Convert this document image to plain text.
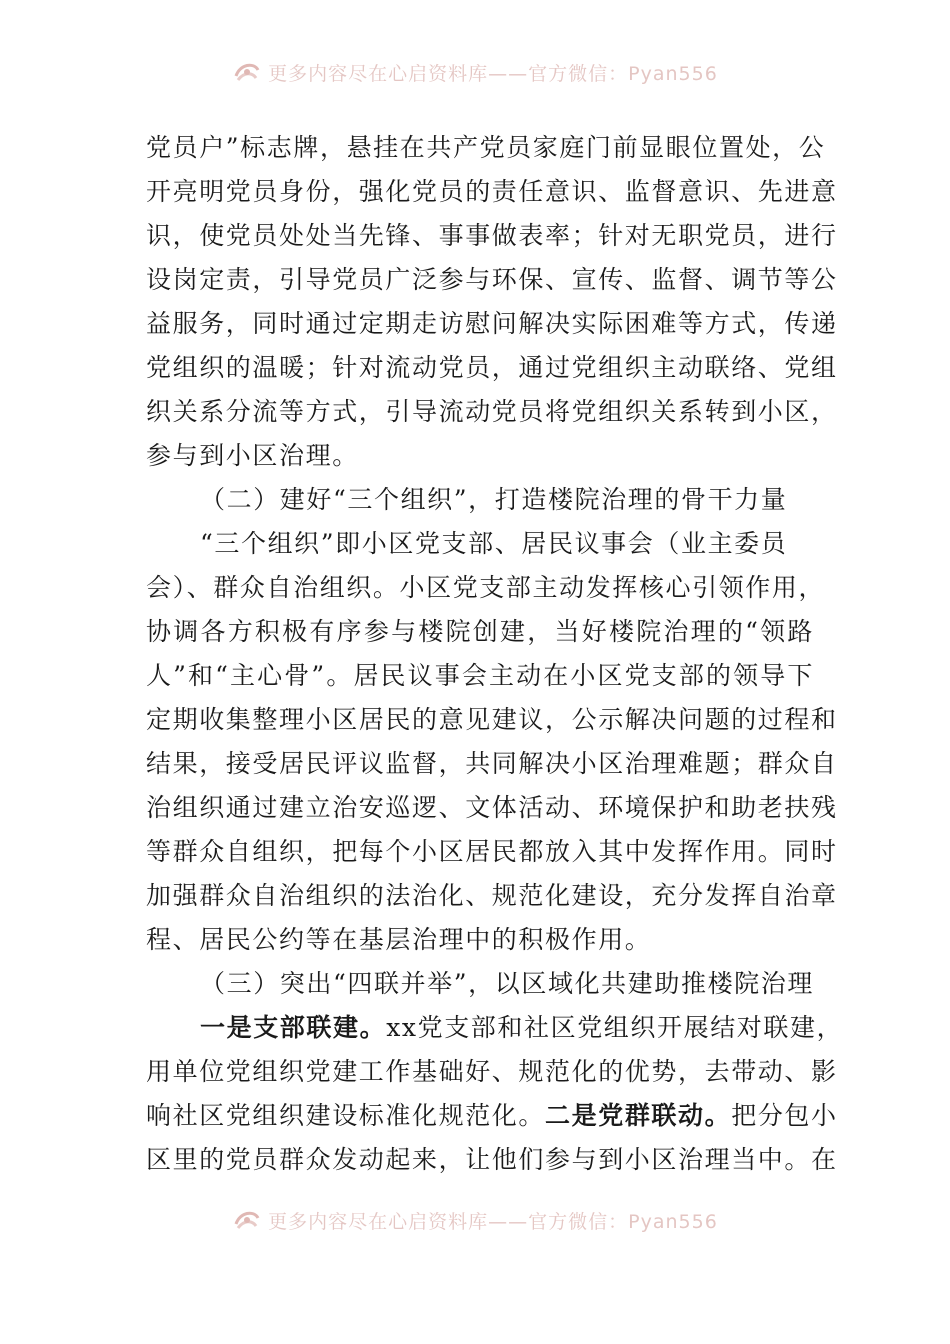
更多内容尽在心启资料库——官方微信：Pyan556
党员户”标志牌，悬挂在共产党员家庭门前显眼位置处，公
开亮明党员身份，强化党员的责任意识、监督意识、先进意
识，使党员处处当先锋、事事做表率；针对无职党员，进行
设岗定责，引导党员广泛参与环保、宣传、监督、调节等公
益服务，同时通过定期走访慰问解决实际困难等方式，传递
党组织的温暖；针对流动党员，通过党组织主动联络、党组
织关系分流等方式，引导流动党员将党组织关系转到小区，
参与到小区治理。
（二）建好“三个组织”，打造楼院治理的骨干力量
“三个组织”即小区党支部、居民议事会（业主委员
会）、群众自治组织。小区党支部主动发挥核心引领作用，
协调各方积极有序参与楼院创建，当好楼院治理的“领路
人”和“主心骨”。居民议事会主动在小区党支部的领导下
定期收集整理小区居民的意见建议，公示解决问题的过程和
结果，接受居民评议监督，共同解决小区治理难题；群众自
治组织通过建立治安巡逻、文体活动、环境保护和助老扶残
等群众自组织，把每个小区居民都放入其中发挥作用。同时
加强群众自治组织的法治化、规范化建设，充分发挥自治章
程、居民公约等在基层治理中的积极作用。
（三）突出“四联并举”，以区域化共建助推楼院治理
一是支部联建。xx党支部和社区党组织开展结对联建，
用单位党组织党建工作基础好、规范化的优势，去带动、影
响社区党组织建设标准化规范化。二是党群联动。把分包小
区里的党员群众发动起来，让他们参与到小区治理当中。在
更多内容尽在心启资料库——官方微信：Pyan556
